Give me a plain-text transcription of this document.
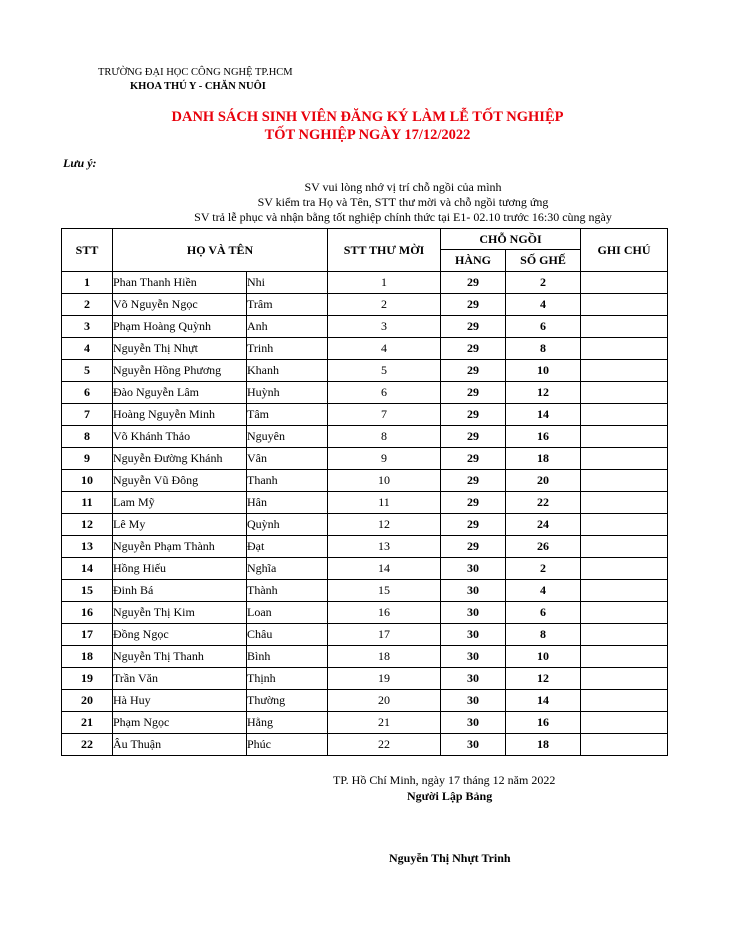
TRƯỜNG ĐẠI HỌC CÔNG NGHỆ TP.HCM
KHOA THÚ Y - CHĂN NUÔI
DANH SÁCH SINH VIÊN ĐĂNG KÝ LÀM LỄ TỐT NGHIỆP
TỐT NGHIỆP NGÀY 17/12/2022
Lưu ý:
SV vui lòng nhớ vị trí chỗ ngồi của mình
SV kiểm tra Họ và Tên, STT thư mời và chỗ ngồi tương ứng
SV trả lễ phục và nhận bằng tốt nghiệp chính thức tại E1- 02.10 trước 16:30 cùng ngày
STT	HỌ VÀ TÊN		STT THƯ MỜI	CHỖ NGỒI		GHI CHÚ
				HÀNG	SỐ GHẾ	
1	Phan Thanh Hiền	Nhi	1	29	2	
2	Võ Nguyễn Ngọc	Trâm	2	29	4	
3	Phạm Hoàng Quỳnh	Anh	3	29	6	
4	Nguyễn Thị Nhựt	Trinh	4	29	8	
5	Nguyễn Hồng Phương	Khanh	5	29	10	
6	Đào Nguyễn Lâm	Huỳnh	6	29	12	
7	Hoàng Nguyễn Minh	Tâm	7	29	14	
8	Võ Khánh Thảo	Nguyên	8	29	16	
9	Nguyễn Đường Khánh	Vân	9	29	18	
10	Nguyễn Vũ Đông	Thanh	10	29	20	
11	Lam Mỹ	Hân	11	29	22	
12	Lê My	Quỳnh	12	29	24	
13	Nguyễn Phạm Thành	Đạt	13	29	26	
14	Hồng Hiếu	Nghĩa	14	30	2	
15	Đinh Bá	Thành	15	30	4	
16	Nguyễn Thị Kim	Loan	16	30	6	
17	Đồng Ngọc	Châu	17	30	8	
18	Nguyễn Thị Thanh	Bình	18	30	10	
19	Trần Văn	Thịnh	19	30	12	
20	Hà Huy	Thường	20	30	14	
21	Phạm Ngọc	Hằng	21	30	16	
22	Âu Thuận	Phúc	22	30	18	
TP. Hồ Chí Minh, ngày 17 tháng 12 năm 2022
Người Lập Bảng
Nguyễn Thị Nhựt Trinh
